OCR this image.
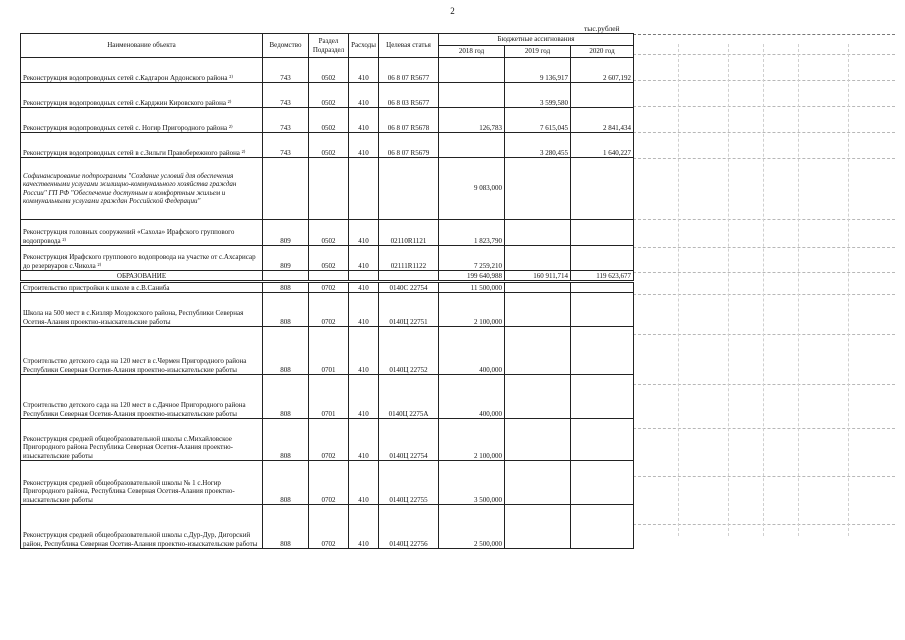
2
тыс.рублей
Наименование объекта	Ведомство	Раздел Подраздел	Расходы	Целевая статья	Бюджетные ассигнования		
					2018 год	2019 год	2020 год
Реконструкция водопроводных сетей с.Кадгарон Ардонского района ²⁾	743	0502	410	06 8 07 R5677		9 136,917	2 607,192
Реконструкция водопроводных сетей с.Карджин Кировского района ²⁾	743	0502	410	06 8 03 R5677		3 599,580	
Реконструкция водопроводных сетей с. Ногир Пригородного района ²⁾	743	0502	410	06 8 07 R5678	126,783	7 615,045	2 841,434
Реконструкция водопроводных сетей в с.Зильги Правобережного района ²⁾	743	0502	410	06 8 07 R5679		3 280,455	1 640,227
Софинансирование подпрограммы "Создание условий для обеспечения качественными услугами жилищно-коммунального хозяйства граждан России" ГП РФ "Обеспечение доступным и комфортным жильем и коммунальными услугами граждан Российской Федерации"					9 083,000		
Реконструкция головных сооружений «Сахола» Ирафского группового водопровода ²⁾	809	0502	410	02110R1121	1 823,790		
Реконструкция Ирафского группового водопровода на участке от с.Ахсарисар до резервуаров с.Чикола ²⁾	809	0502	410	02111R1122	7 259,210		
ОБРАЗОВАНИЕ					199 640,988	160 911,714	119 623,677
Строительство пристройки к школе в с.В.Саниба	808	0702	410	0140С 22754	11 500,000		
Школа на 500 мест в с.Кизляр Моздокского района, Республики Северная Осетия-Алания проектно-изыскательские работы	808	0702	410	0140Ц 22751	2 100,000		
Строительство детского сада на 120 мест в с.Чермен Пригородного района Республики Северная Осетия-Алания проектно-изыскательские работы	808	0701	410	0140Ц 22752	400,000		
Строительство детского сада на 120 мест в с.Дачное Пригородного района Республики Северная Осетия-Алания проектно-изыскательские работы	808	0701	410	0140Ц 2275А	400,000		
Реконструкция средней общеобразовательной школы с.Михайловское Пригородного района Республика Северная Осетия-Алания проектно-изыскательские работы	808	0702	410	0140Ц 22754	2 100,000		
Реконструкция средней общеобразовательной школы № 1 с.Ногир Пригородного района, Республика Северная Осетия-Алания проектно-изыскательские работы	808	0702	410	0140Ц 22755	3 500,000		
Реконструкция средней общеобразовательной школы с.Дур-Дур, Дигорский район, Республика Северная Осетия-Алания проектно-изыскательские работы	808	0702	410	0140Ц 22756	2 500,000		
